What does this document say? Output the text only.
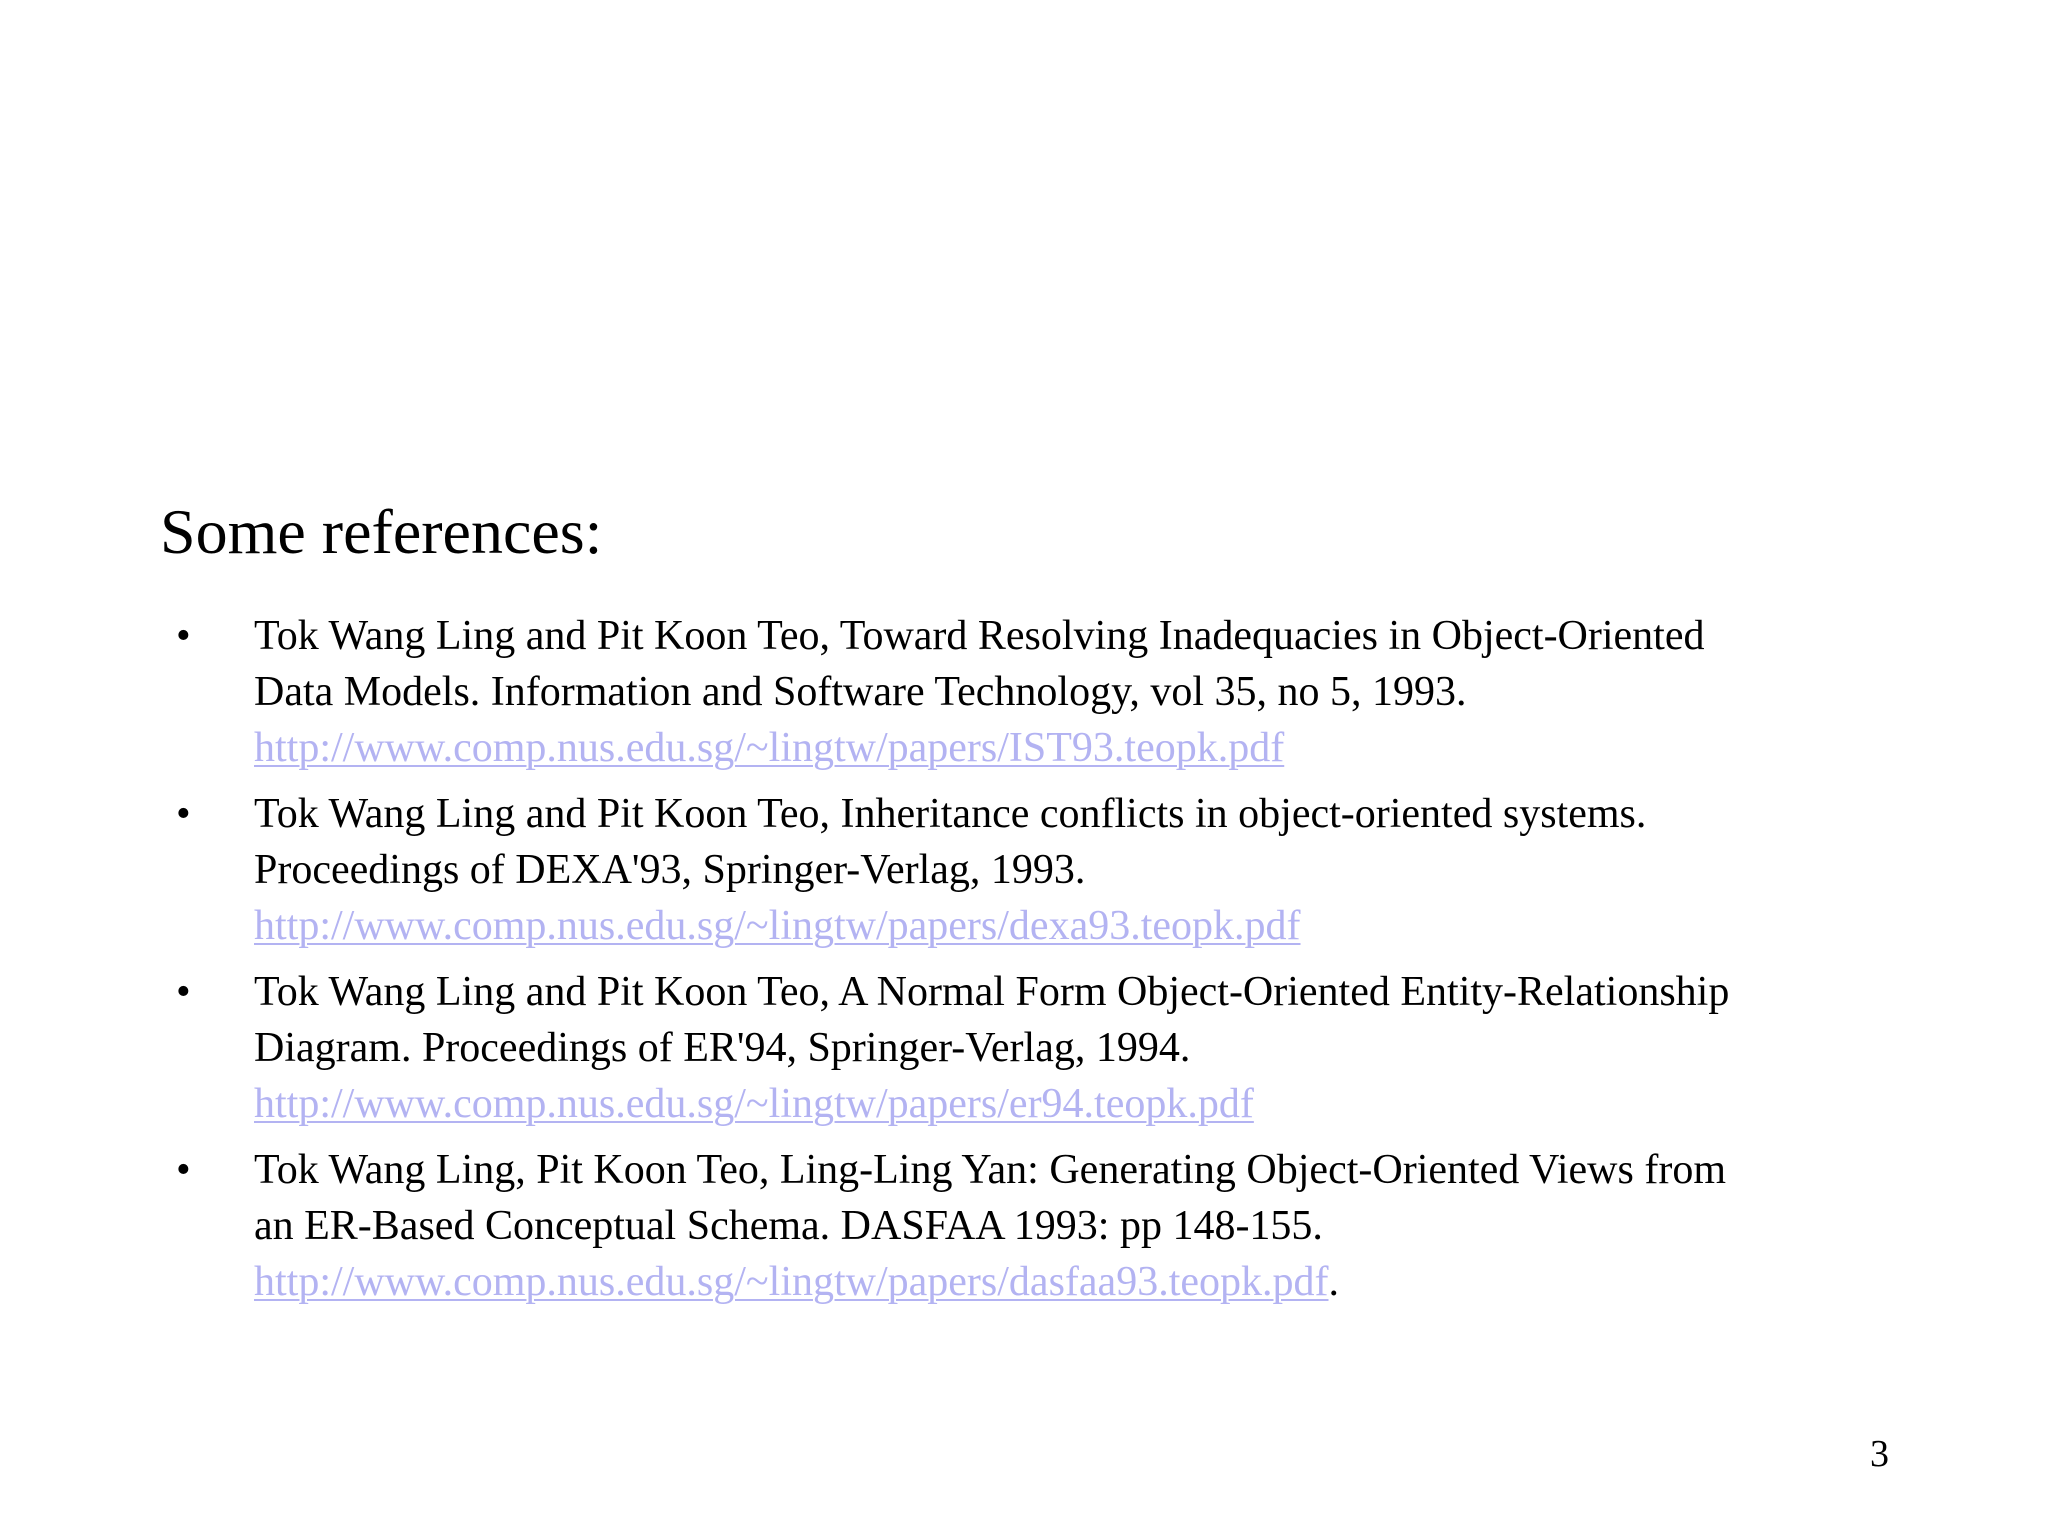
Some references:
• Tok Wang Ling and Pit Koon Teo, Toward Resolving Inadequacies in Object-Oriented
Data Models. Information and Software Technology, vol 35, no 5, 1993.
http://www.comp.nus.edu.sg/~lingtw/papers/IST93.teopk.pdf
• Tok Wang Ling and Pit Koon Teo, Inheritance conflicts in object-oriented systems.
Proceedings of DEXA'93, Springer-Verlag, 1993.
http://www.comp.nus.edu.sg/~lingtw/papers/dexa93.teopk.pdf
• Tok Wang Ling and Pit Koon Teo, A Normal Form Object-Oriented Entity-Relationship
Diagram. Proceedings of ER'94, Springer-Verlag, 1994.
http://www.comp.nus.edu.sg/~lingtw/papers/er94.teopk.pdf
• Tok Wang Ling, Pit Koon Teo, Ling-Ling Yan: Generating Object-Oriented Views from
an ER-Based Conceptual Schema. DASFAA 1993: pp 148-155.
http://www.comp.nus.edu.sg/~lingtw/papers/dasfaa93.teopk.pdf.
3
